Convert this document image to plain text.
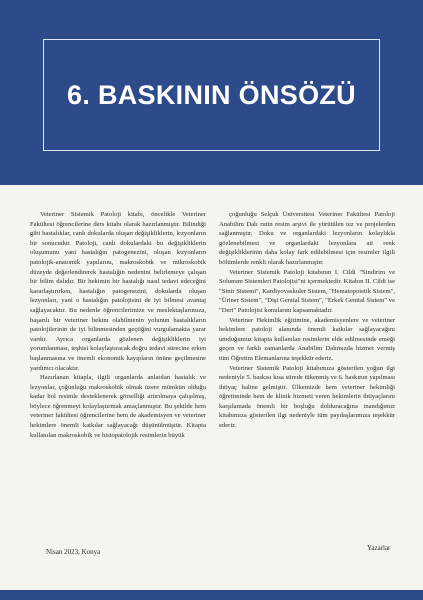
6. BASKININ ÖNSÖZÜ

Veteriner Sistemik Patoloji kitabı, öncelikle Veteriner Fakültesi öğrencilerine ders kitabı olarak hazırlanmıştır. Bilindiği gibi hastalıklar, canlı dokularda oluşan değişikliklerin, lezyonların bir sonucudur. Patoloji, canlı dokulardaki bu değişikliklerin oluşumunu yani hastalığın patogenezini, oluşan lezyonların patolojik-anatomik yapılarını, makroskobik ve mikroskobik düzeyde değerlendirerek hastalığın nedenini belirlemeye çalışan bir bilim dalıdır. Bir hekimin bir hastalığı nasıl tedavi edeceğini kararlaştırırken, hastalığın patogenezini, dokularda oluşan lezyonları, yani o hastalığın patolojisini de iyi bilmesi avantaj sağlayacaktır. Bu nedenle öğrencilerimize ve meslektaşlarımıza, başarılı bir veteriner hekim olabilmenin yolunun hastalıkların patolojilerinin de iyi bilinmesinden geçtiğini vurgulamakta yarar vardır. Ayrıca organlarda gözlenen değişikliklerin iyi yorumlanması, teşhisi kolaylaştıracak doğru tedavi sürecine erken başlanmasına ve önemli ekonomik kayıpların önüne geçilmesine yardımcı olacaktır.

Hazırlanan kitapla, ilgili organlarda anlatılan hastalık ve lezyonlar, çoğunluğu makroskobik olmak üzere mümkün olduğu kadar bol resimle desteklenerek görselliği artırılmaya çalışılmış, böylece öğrenmeyi kolaylaştırmak amaçlanmıştır. Bu şekilde hem veteriner fakültesi öğrencilerine hem de akademisyen ve veteriner hekimlere önemli katkılar sağlayacağı düşünülmüştür. Kitapta kullanılan makroskobik ve histopatolojik resimlerin büyük

çoğunluğu Selçuk Üniversitesi Veteriner Fakültesi Patoloji Anabilim Dalı rutin resim arşivi ile yürütülen tez ve projelerden sağlanmıştır. Doku ve organlardaki lezyonların kolaylıkla gözlenebilmesi ve organlardaki lezyonlara ait renk değişikliklerinin daha kolay fark edilebilmesi için resimler ilgili bölümlerde renkli olarak hazırlanmıştır.

Veteriner Sistemik Patoloji kitabının I. Cildi "Sindirim ve Solunum Sistemleri Patolojisi"ni içermektedir. Kitabın II. Cildi ise "Sinir Sistemi", Kardiyovaskuler Sistem, "Hematopoietik Sistem", "Üriner Sistem", "Dişi Genital Sistem", "Erkek Genital Sistem" ve "Deri" Patolojisi konularını kapsamaktadır.

Veteriner Hekimlik eğitimine, akademisyenlere ve veteriner hekimlere patoloji alanında önemli katkılar sağlayacağını umduğumuz kitapta kullanılan resimlerin elde edilmesinde emeği geçen ve farklı zamanlarda Anabilim Dalımızda hizmet vermiş tüm Öğretim Elemanlarına teşekkür ederiz.

Veteriner Sistemik Patoloji kitabımıza gösterilen yoğun ilgi nedeniyle 5. baskısı kısa sürede tükenmiş ve 6. baskının yapılması ihtiyaç haline gelmiştir. Ülkemizde hem veteriner hekimliği öğretiminde hem de klinik hizmeti veren hekimlerin ihtiyaçlarını karşılamada önemli bir boşluğu dolduracağına inandığımız kitabımıza gösterilen ilgi nedeniyle tüm paydaşlarımıza teşekkür ederiz.

Nisan 2023, Konya	Yazarlar
